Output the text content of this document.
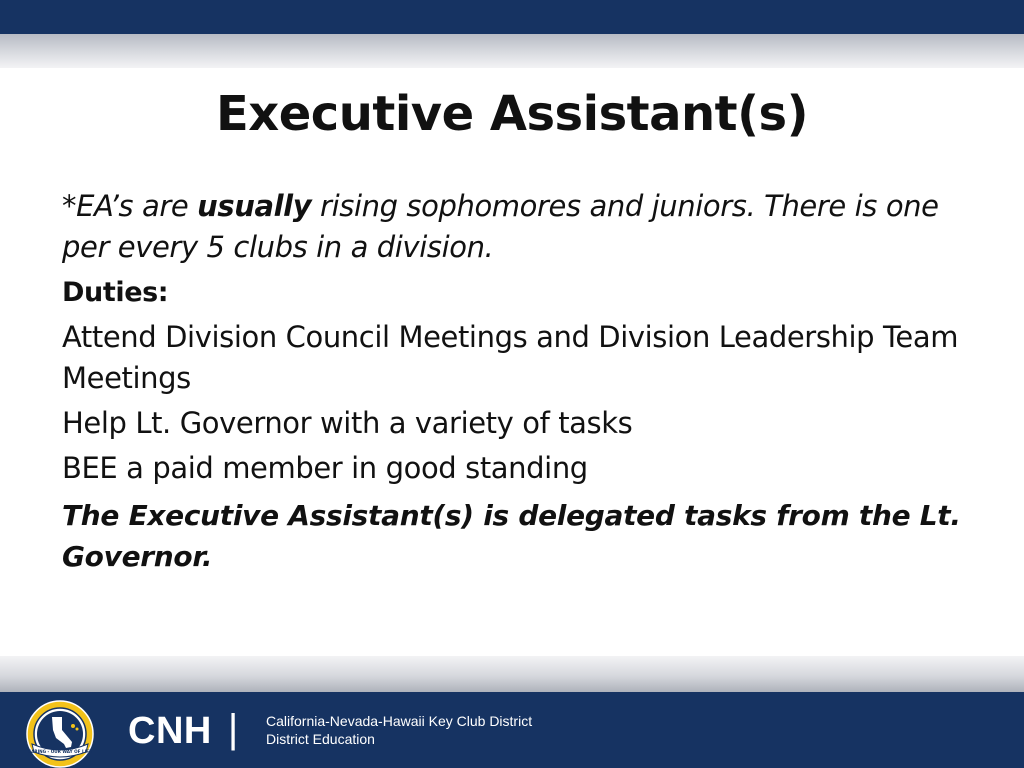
Executive Assistant(s)

*EA’s are usually rising sophomores and juniors. There is one per every 5 clubs in a division.

Duties:

Attend Division Council Meetings and Division Leadership Team Meetings

Help Lt. Governor with a variety of tasks

BEE a paid member in good standing

The Executive Assistant(s) is delegated tasks from the Lt. Governor.

CARING - OUR WAY OF LIFE CNH | California-Nevada-Hawaii Key Club District
District Education
